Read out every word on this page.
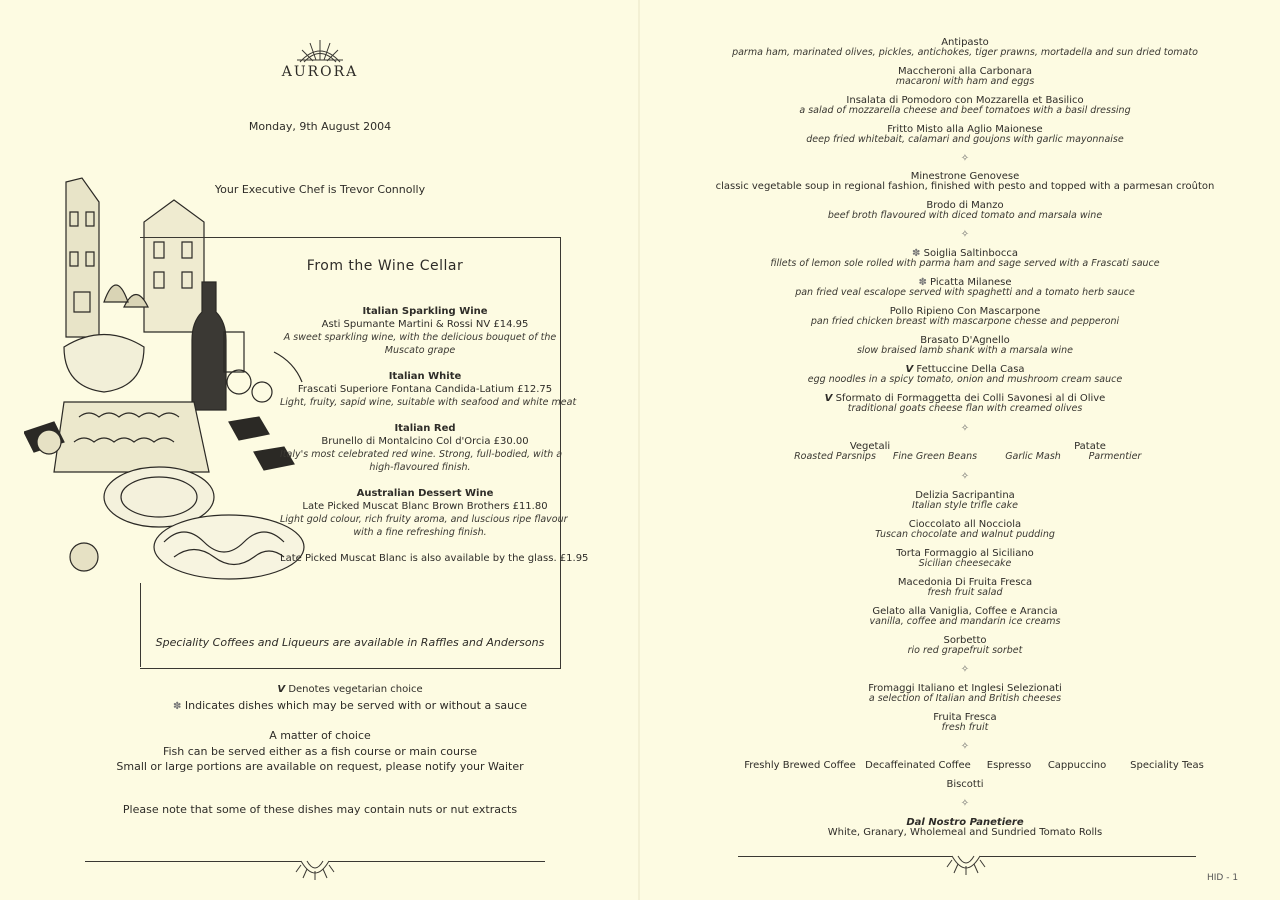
AURORA
Monday, 9th August 2004
Your Executive Chef is Trevor Connolly
From the Wine Cellar
Italian Sparkling Wine
Asti Spumante Martini & Rossi NV £14.95
A sweet sparkling wine, with the delicious bouquet of the
Muscato grape
Italian White
Frascati Superiore Fontana Candida-Latium £12.75
Light, fruity, sapid wine, suitable with seafood and white meat
Italian Red
Brunello di Montalcino Col d'Orcia £30.00
Italy's most celebrated red wine. Strong, full-bodied, with a
high-flavoured finish.
Australian Dessert Wine
Late Picked Muscat Blanc Brown Brothers £11.80
Light gold colour, rich fruity aroma, and luscious ripe flavour
with a fine refreshing finish.
Late Picked Muscat Blanc is also available by the glass. £1.95
Speciality Coffees and Liqueurs are available in Raffles and Andersons
V Denotes vegetarian choice
✽ Indicates dishes which may be served with or without a sauce
A matter of choice
Fish can be served either as a fish course or main course
Small or large portions are available on request, please notify your Waiter
Please note that some of these dishes may contain nuts or nut extracts
Antipasto
parma ham, marinated olives, pickles, antichokes, tiger prawns, mortadella and sun dried tomato
Maccheroni alla Carbonara
macaroni with ham and eggs
Insalata di Pomodoro con Mozzarella et Basilico
a salad of mozzarella cheese and beef tomatoes with a basil dressing
Fritto Misto alla Aglio Maionese
deep fried whitebait, calamari and goujons with garlic mayonnaise
✧
Minestrone Genovese
classic vegetable soup in regional fashion, finished with pesto and topped with a parmesan croûton
Brodo di Manzo
beef broth flavoured with diced tomato and marsala wine
✧
✽ Soiglia Saltinbocca
fillets of lemon sole rolled with parma ham and sage served with a Frascati sauce
✽ Picatta Milanese
pan fried veal escalope served with spaghetti and a tomato herb sauce
Pollo Ripieno Con Mascarpone
pan fried chicken breast with mascarpone chesse and pepperoni
Brasato D'Agnello
slow braised lamb shank with a marsala wine
V Fettuccine Della Casa
egg noodles in a spicy tomato, onion and mushroom cream sauce
V Sformato di Formaggetta dei Colli Savonesi al di Olive
traditional goats cheese flan with creamed olives
✧
Vegetali	Patate
Roasted Parsnips	Fine Green Beans	Garlic Mash	Parmentier
✧
Delizia Sacripantina
Italian style trifle cake
Cioccolato all Nocciola
Tuscan chocolate and walnut pudding
Torta Formaggio al Siciliano
Sicilian cheesecake
Macedonia Di Fruita Fresca
fresh fruit salad
Gelato alla Vaniglia, Coffee e Arancia
vanilla, coffee and mandarin ice creams
Sorbetto
rio red grapefruit sorbet
✧
Fromaggi Italiano et Inglesi Selezionati
a selection of Italian and British cheeses
Fruita Fresca
fresh fruit
✧
Freshly Brewed Coffee Decaffeinated Coffee	Espresso	Cappuccino	Speciality Teas
Biscotti
✧
Dal Nostro Panetiere
White, Granary, Wholemeal and Sundried Tomato Rolls
HID - 1
